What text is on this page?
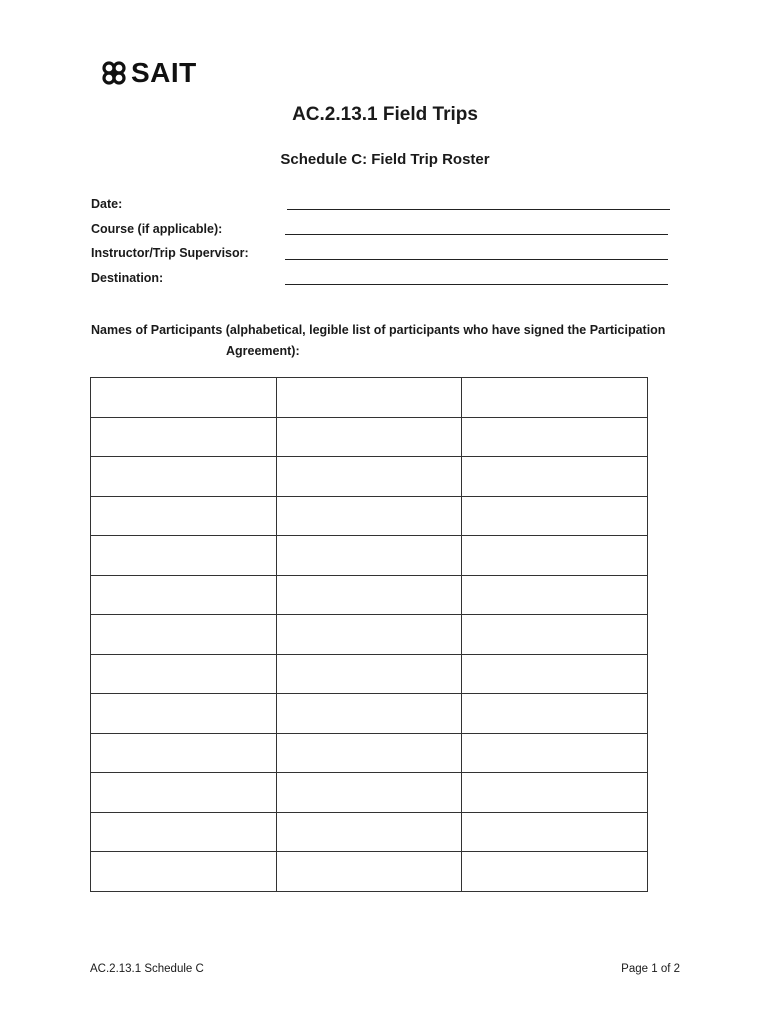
SAIT
AC.2.13.1 Field Trips
Schedule C: Field Trip Roster
Date:
Course (if applicable):
Instructor/Trip Supervisor:
Destination:

Names of Participants (alphabetical, legible list of participants who have signed the Participation
Agreement):

AC.2.13.1 Schedule C	Page 1 of 2
